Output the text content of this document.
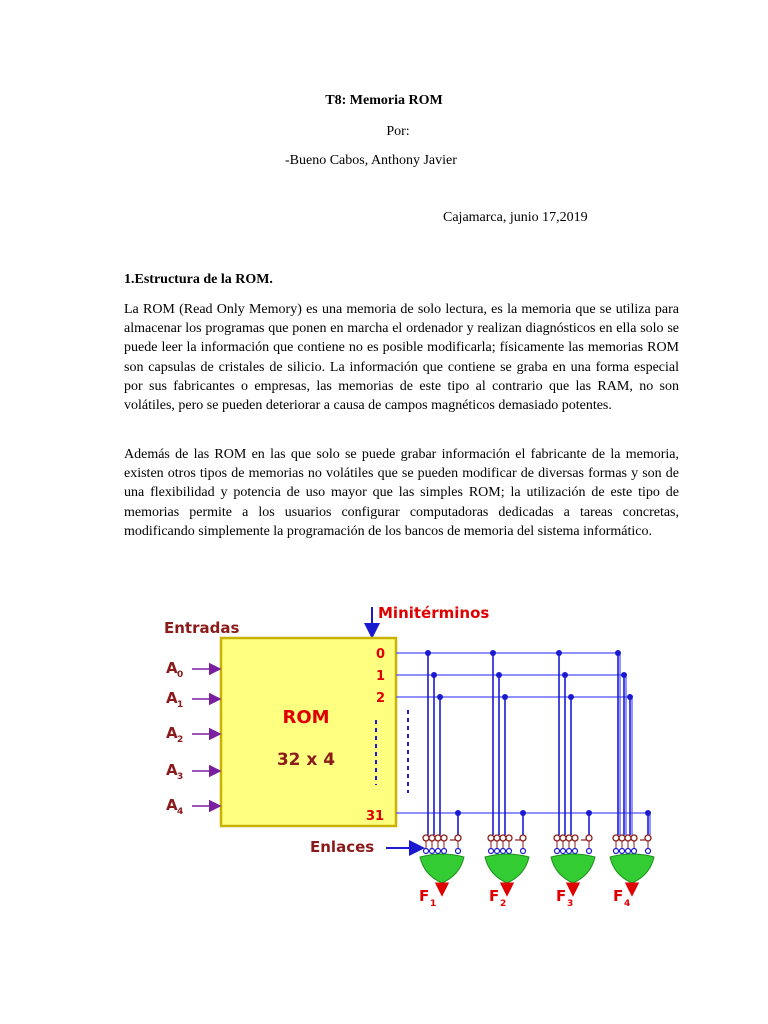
T8: Memoria ROM
Por:
-Bueno Cabos, Anthony Javier
Cajamarca, junio 17,2019
1.Estructura de la ROM.
La ROM (Read Only Memory) es una memoria de solo lectura, es la memoria que se utiliza para almacenar los programas que ponen en marcha el ordenador y realizan diagnósticos en ella solo se puede leer la información que contiene no es posible modificarla; físicamente las memorias ROM son capsulas de cristales de silicio. La información que contiene se graba en una forma especial por sus fabricantes o empresas, las memorias de este tipo al contrario que las RAM, no son volátiles, pero se pueden deteriorar a causa de campos magnéticos demasiado potentes.
Además de las ROM en las que solo se puede grabar información el fabricante de la memoria, existen otros tipos de memorias no volátiles que se pueden modificar de diversas formas y son de una flexibilidad y potencia de uso mayor que las simples ROM; la utilización de este tipo de memorias permite a los usuarios configurar computadoras dedicadas a tareas concretas, modificando simplemente la programación de los bancos de memoria del sistema informático.
Entradas
Minitérminos
ROM
32 x 4
A 0
A 1
A 2
A 3
A 4
0
1
2
31
Enlaces
F 1	F 2	F 3	F 4
